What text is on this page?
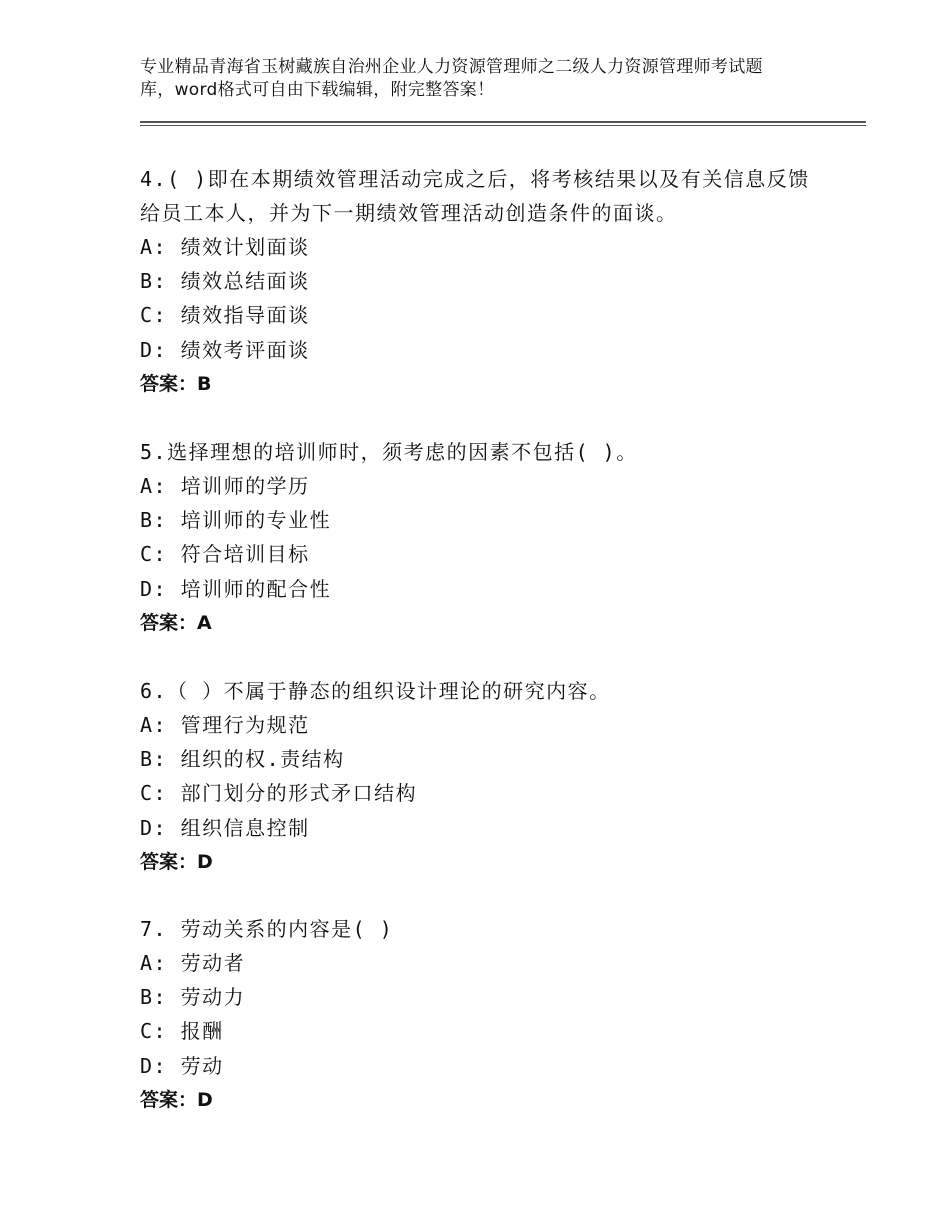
专业精品青海省玉树藏族自治州企业人力资源管理师之二级人力资源管理师考试题
库，word格式可自由下载编辑，附完整答案！
4.( )即在本期绩效管理活动完成之后，将考核结果以及有关信息反馈
给员工本人，并为下一期绩效管理活动创造条件的面谈。
A: 绩效计划面谈
B: 绩效总结面谈
C: 绩效指导面谈
D: 绩效考评面谈
答案：B
5.选择理想的培训师时，须考虑的因素不包括( )。
A: 培训师的学历
B: 培训师的专业性
C: 符合培训目标
D: 培训师的配合性
答案：A
6.（ ）不属于静态的组织设计理论的研究内容。
A: 管理行为规范
B: 组织的权.责结构
C: 部门划分的形式矛口结构
D: 组织信息控制
答案：D
7. 劳动关系的内容是( )
A: 劳动者
B: 劳动力
C: 报酬
D: 劳动
答案：D
